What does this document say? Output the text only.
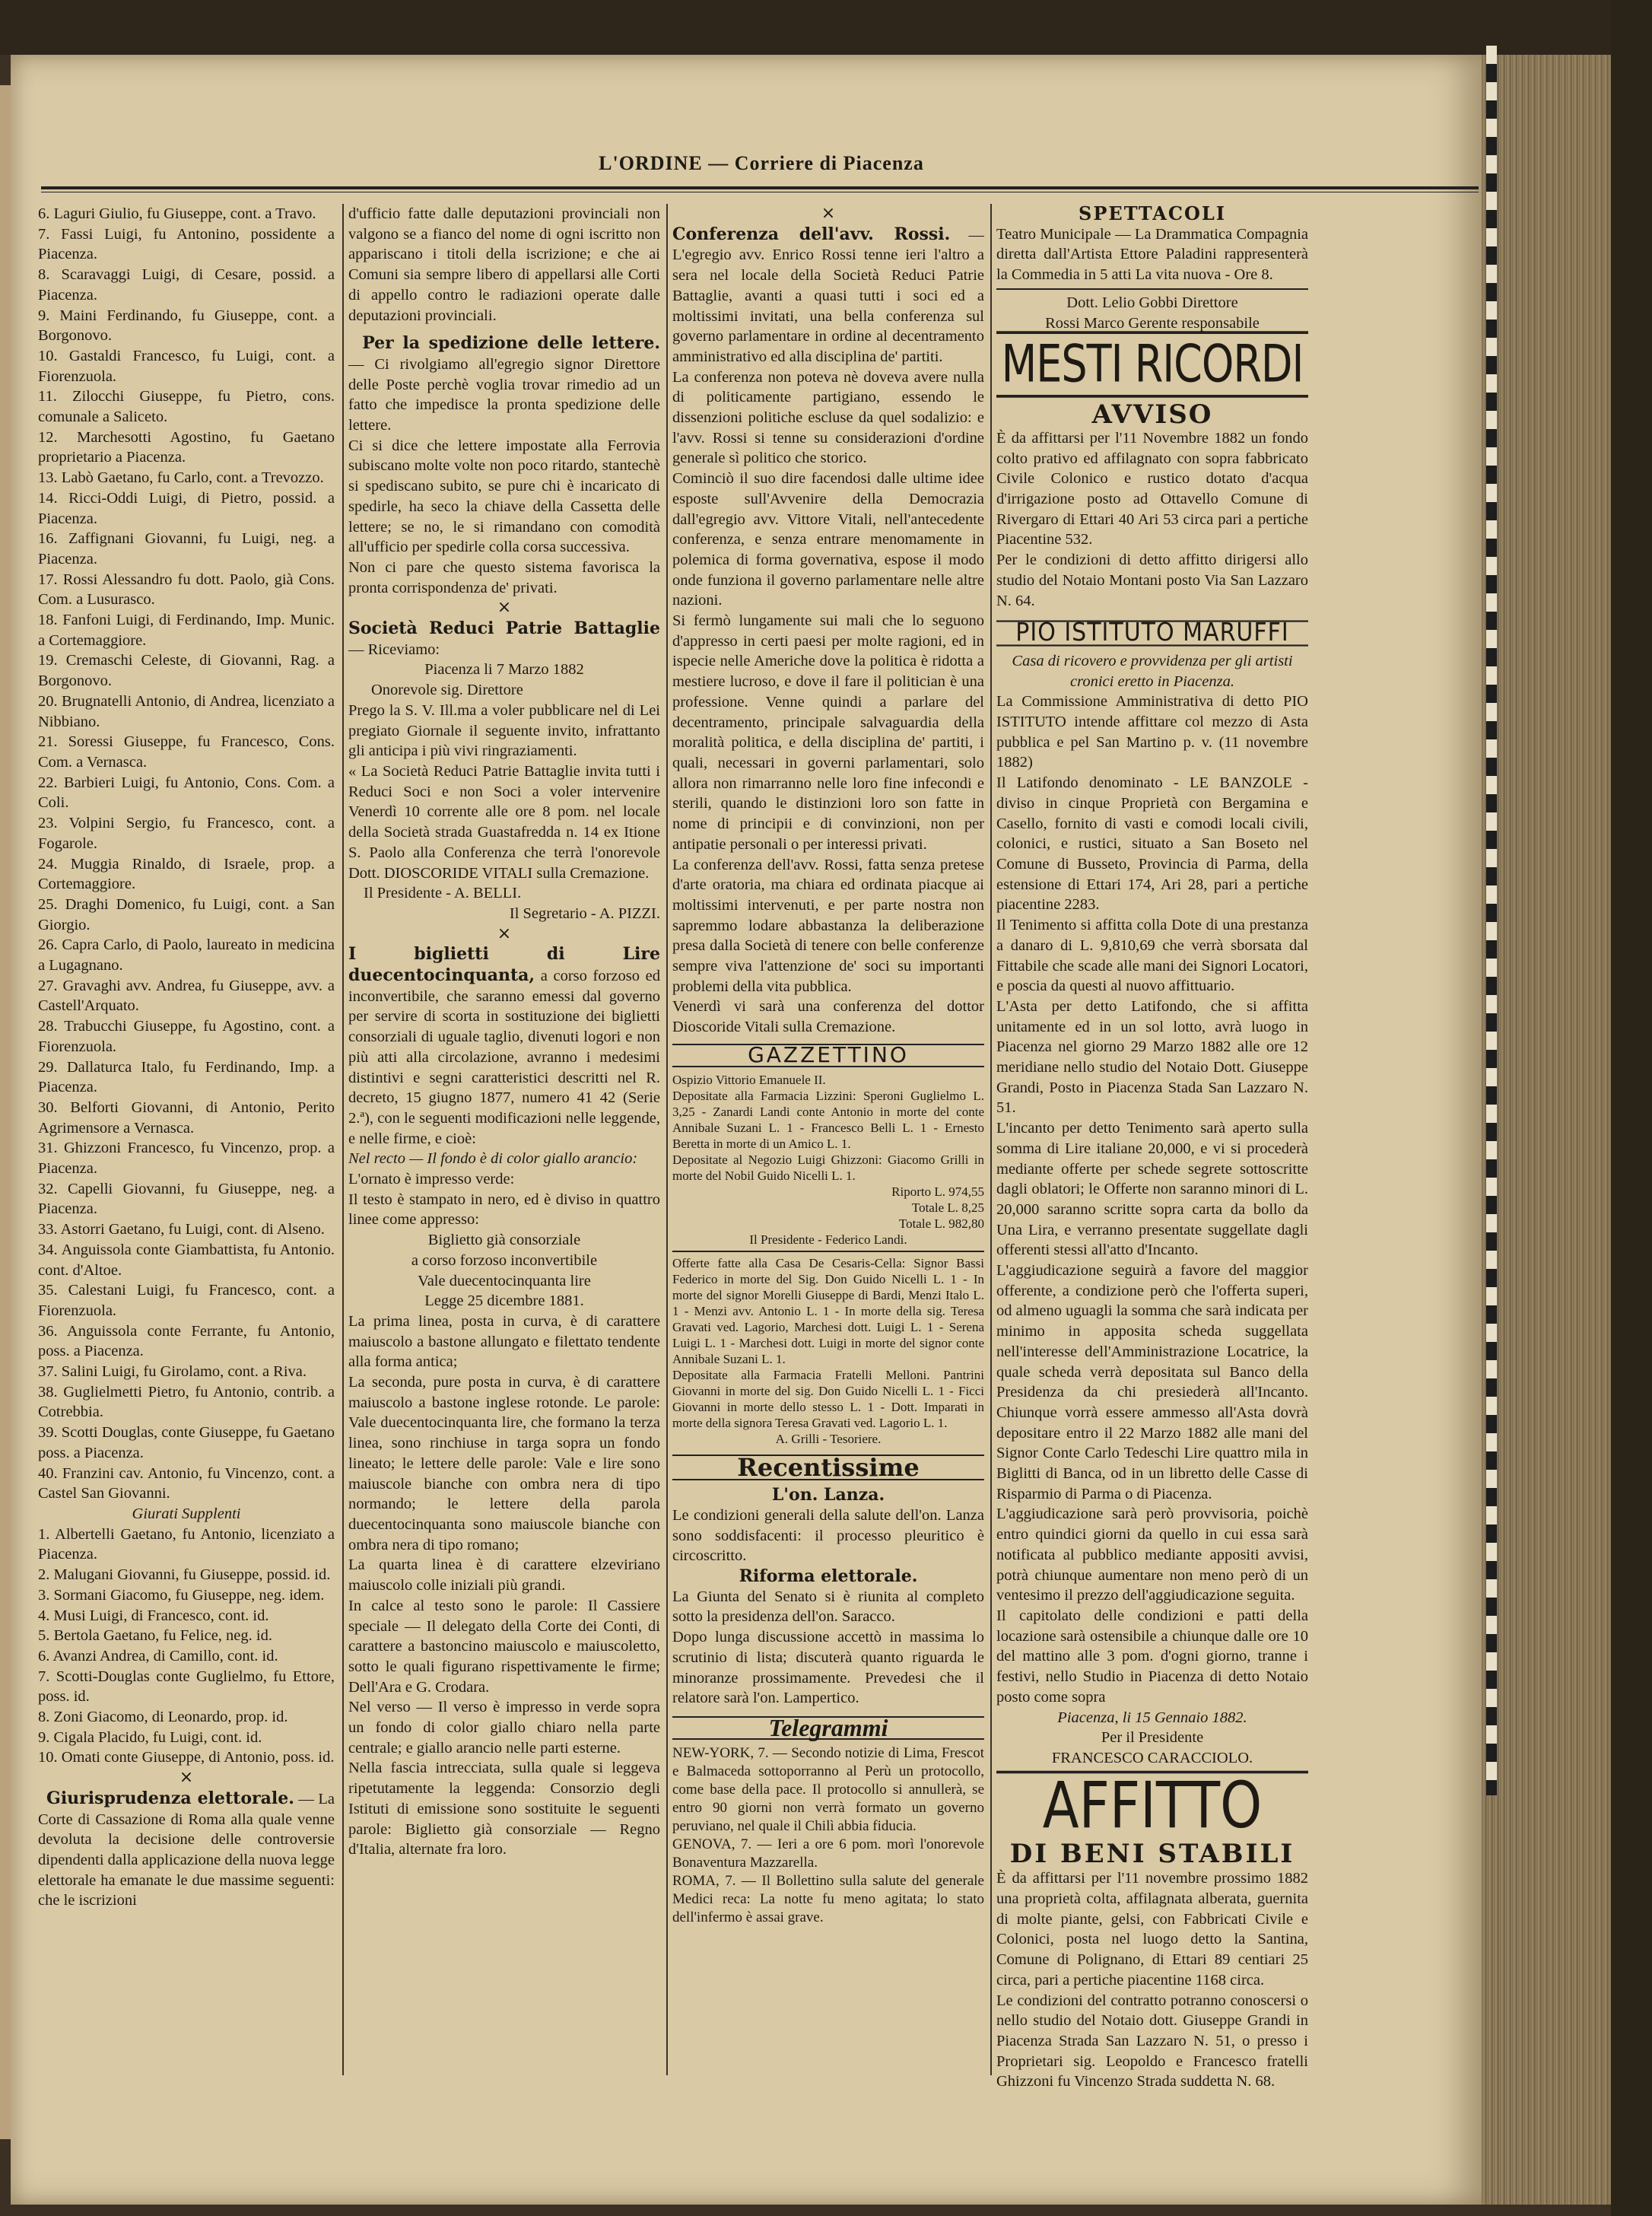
L'ORDINE — Corriere di Piacenza

6. Laguri Giulio, fu Giuseppe, cont. a Travo.

7. Fassi Luigi, fu Antonino, possidente a Piacenza.

8. Scaravaggi Luigi, di Cesare, possid. a Piacenza.

9. Maini Ferdinando, fu Giuseppe, cont. a Borgonovo.

10. Gastaldi Francesco, fu Luigi, cont. a Fiorenzuola.

11. Zilocchi Giuseppe, fu Pietro, cons. comunale a Saliceto.

12. Marchesotti Agostino, fu Gaetano proprietario a Piacenza.

13. Labò Gaetano, fu Carlo, cont. a Trevozzo.

14. Ricci-Oddi Luigi, di Pietro, possid. a Piacenza.

16. Zaffignani Giovanni, fu Luigi, neg. a Piacenza.

17. Rossi Alessandro fu dott. Paolo, già Cons. Com. a Lusurasco.

18. Fanfoni Luigi, di Ferdinando, Imp. Munic. a Cortemaggiore.

19. Cremaschi Celeste, di Giovanni, Rag. a Borgonovo.

20. Brugnatelli Antonio, di Andrea, licenziato a Nibbiano.

21. Soressi Giuseppe, fu Francesco, Cons. Com. a Vernasca.

22. Barbieri Luigi, fu Antonio, Cons. Com. a Coli.

23. Volpini Sergio, fu Francesco, cont. a Fogarole.

24. Muggia Rinaldo, di Israele, prop. a Cortemaggiore.

25. Draghi Domenico, fu Luigi, cont. a San Giorgio.

26. Capra Carlo, di Paolo, laureato in medicina a Lugagnano.

27. Gravaghi avv. Andrea, fu Giuseppe, avv. a Castell'Arquato.

28. Trabucchi Giuseppe, fu Agostino, cont. a Fiorenzuola.

29. Dallaturca Italo, fu Ferdinando, Imp. a Piacenza.

30. Belforti Giovanni, di Antonio, Perito Agrimensore a Vernasca.

31. Ghizzoni Francesco, fu Vincenzo, prop. a Piacenza.

32. Capelli Giovanni, fu Giuseppe, neg. a Piacenza.

33. Astorri Gaetano, fu Luigi, cont. di Alseno.

34. Anguissola conte Giambattista, fu Antonio. cont. d'Altoe.

35. Calestani Luigi, fu Francesco, cont. a Fiorenzuola.

36. Anguissola conte Ferrante, fu Antonio, poss. a Piacenza.

37. Salini Luigi, fu Girolamo, cont. a Riva.

38. Guglielmetti Pietro, fu Antonio, contrib. a Cotrebbia.

39. Scotti Douglas, conte Giuseppe, fu Gaetano poss. a Piacenza.

40. Franzini cav. Antonio, fu Vincenzo, cont. a Castel San Giovanni.

Giurati Supplenti

1. Albertelli Gaetano, fu Antonio, licenziato a Piacenza.

2. Malugani Giovanni, fu Giuseppe, possid. id.

3. Sormani Giacomo, fu Giuseppe, neg. idem.

4. Musi Luigi, di Francesco, cont. id.

5. Bertola Gaetano, fu Felice, neg. id.

6. Avanzi Andrea, di Camillo, cont. id.

7. Scotti-Douglas conte Guglielmo, fu Ettore, poss. id.

8. Zoni Giacomo, di Leonardo, prop. id.

9. Cigala Placido, fu Luigi, cont. id.

10. Omati conte Giuseppe, di Antonio, poss. id.

×

Giurisprudenza elettorale. — La Corte di Cassazione di Roma alla quale venne devoluta la decisione delle controversie dipendenti dalla applicazione della nuova legge elettorale ha emanate le due massime seguenti: che le iscrizioni

d'ufficio fatte dalle deputazioni provinciali non valgono se a fianco del nome di ogni iscritto non appariscano i titoli della iscrizione; e che ai Comuni sia sempre libero di appellarsi alle Corti di appello contro le radiazioni operate dalle deputazioni provinciali.

Per la spedizione delle lettere. — Ci rivolgiamo all'egregio signor Direttore delle Poste perchè voglia trovar rimedio ad un fatto che impedisce la pronta spedizione delle lettere.

Ci si dice che lettere impostate alla Ferrovia subiscano molte volte non poco ritardo, stantechè si spediscano subito, se pure chi è incaricato di spedirle, ha seco la chiave della Cassetta delle lettere; se no, le si rimandano con comodità all'ufficio per spedirle colla corsa successiva.

Non ci pare che questo sistema favorisca la pronta corrispondenza de' privati.

×

Società Reduci Patrie Battaglie — Riceviamo:

Piacenza li 7 Marzo 1882

Onorevole sig. Direttore

Prego la S. V. Ill.ma a voler pubblicare nel di Lei pregiato Giornale il seguente invito, infrattanto gli anticipa i più vivi ringraziamenti.

« La Società Reduci Patrie Battaglie invita tutti i Reduci Soci e non Soci a voler intervenire Venerdì 10 corrente alle ore 8 pom. nel locale della Società strada Guastafredda n. 14 ex Itione S. Paolo alla Conferenza che terrà l'onorevole Dott. DIOSCORIDE VITALI sulla Cremazione.

Il Presidente - A. BELLI.

Il Segretario - A. PIZZI.

×

I biglietti di Lire duecentocinquanta, a corso forzoso ed inconvertibile, che saranno emessi dal governo per servire di scorta in sostituzione dei biglietti consorziali di uguale taglio, divenuti logori e non più atti alla circolazione, avranno i medesimi distintivi e segni caratteristici descritti nel R. decreto, 15 giugno 1877, numero 41 42 (Serie 2.ª), con le seguenti modificazioni nelle leggende, e nelle firme, e cioè:

Nel recto — Il fondo è di color giallo arancio:

L'ornato è impresso verde:

Il testo è stampato in nero, ed è diviso in quattro linee come appresso:

Biglietto già consorziale

a corso forzoso inconvertibile

Vale duecentocinquanta lire

Legge 25 dicembre 1881.

La prima linea, posta in curva, è di carattere maiuscolo a bastone allungato e filettato tendente alla forma antica;

La seconda, pure posta in curva, è di carattere maiuscolo a bastone inglese rotonde. Le parole: Vale duecentocinquanta lire, che formano la terza linea, sono rinchiuse in targa sopra un fondo lineato; le lettere delle parole: Vale e lire sono maiuscole bianche con ombra nera di tipo normando; le lettere della parola duecentocinquanta sono maiuscole bianche con ombra nera di tipo romano;

La quarta linea è di carattere elzeviriano maiuscolo colle iniziali più grandi.

In calce al testo sono le parole: Il Cassiere speciale — Il delegato della Corte dei Conti, di carattere a bastoncino maiuscolo e maiuscoletto, sotto le quali figurano rispettivamente le firme; Dell'Ara e G. Crodara.

Nel verso — Il verso è impresso in verde sopra un fondo di color giallo chiaro nella parte centrale; e giallo arancio nelle parti esterne.

Nella fascia intrecciata, sulla quale si leggeva ripetutamente la leggenda: Consorzio degli Istituti di emissione sono sostituite le seguenti parole: Biglietto già consorziale — Regno d'Italia, alternate fra loro.

×

Conferenza dell'avv. Rossi. — L'egregio avv. Enrico Rossi tenne ieri l'altro a sera nel locale della Società Reduci Patrie Battaglie, avanti a quasi tutti i soci ed a moltissimi invitati, una bella conferenza sul governo parlamentare in ordine al decentramento amministrativo ed alla disciplina de' partiti.

La conferenza non poteva nè doveva avere nulla di politicamente partigiano, essendo le dissenzioni politiche escluse da quel sodalizio: e l'avv. Rossi si tenne su considerazioni d'ordine generale sì politico che storico.

Cominciò il suo dire facendosi dalle ultime idee esposte sull'Avvenire della Democrazia dall'egregio avv. Vittore Vitali, nell'antecedente conferenza, e senza entrare menomamente in polemica di forma governativa, espose il modo onde funziona il governo parlamentare nelle altre nazioni.

Si fermò lungamente sui mali che lo seguono d'appresso in certi paesi per molte ragioni, ed in ispecie nelle Americhe dove la politica è ridotta a mestiere lucroso, e dove il fare il politician è una professione. Venne quindi a parlare del decentramento, principale salvaguardia della moralità politica, e della disciplina de' partiti, i quali, necessari in governi parlamentari, solo allora non rimarranno nelle loro fine infecondi e sterili, quando le distinzioni loro son fatte in nome di principii e di convinzioni, non per antipatie personali o per interessi privati.

La conferenza dell'avv. Rossi, fatta senza pretese d'arte oratoria, ma chiara ed ordinata piacque ai moltissimi intervenuti, e per parte nostra non sapremmo lodare abbastanza la deliberazione presa dalla Società di tenere con belle conferenze sempre viva l'attenzione de' soci su importanti problemi della vita pubblica.

Venerdì vi sarà una conferenza del dottor Dioscoride Vitali sulla Cremazione.

GAZZETTINO

Ospizio Vittorio Emanuele II.

Depositate alla Farmacia Lizzini: Speroni Guglielmo L. 3,25 - Zanardi Landi conte Antonio in morte del conte Annibale Suzani L. 1 - Francesco Belli L. 1 - Ernesto Beretta in morte di un Amico L. 1.

Depositate al Negozio Luigi Ghizzoni: Giacomo Grilli in morte del Nobil Guido Nicelli L. 1.

Riporto L. 974,55

Totale L. 8,25

Totale L. 982,80

Il Presidente - Federico Landi.

Offerte fatte alla Casa De Cesaris-Cella: Signor Bassi Federico in morte del Sig. Don Guido Nicelli L. 1 - In morte del signor Morelli Giuseppe di Bardi, Menzi Italo L. 1 - Menzi avv. Antonio L. 1 - In morte della sig. Teresa Gravati ved. Lagorio, Marchesi dott. Luigi L. 1 - Serena Luigi L. 1 - Marchesi dott. Luigi in morte del signor conte Annibale Suzani L. 1.

Depositate alla Farmacia Fratelli Melloni. Pantrini Giovanni in morte del sig. Don Guido Nicelli L. 1 - Ficci Giovanni in morte dello stesso L. 1 - Dott. Imparati in morte della signora Teresa Gravati ved. Lagorio L. 1.

A. Grilli - Tesoriere.

Recentissime

L'on. Lanza.

Le condizioni generali della salute dell'on. Lanza sono soddisfacenti: il processo pleuritico è circoscritto.

Riforma elettorale.

La Giunta del Senato si è riunita al completo sotto la presidenza dell'on. Saracco.

Dopo lunga discussione accettò in massima lo scrutinio di lista; discuterà quanto riguarda le minoranze prossimamente. Prevedesi che il relatore sarà l'on. Lampertico.

Telegrammi

NEW-YORK, 7. — Secondo notizie di Lima, Frescot e Balmaceda sottoporranno al Perù un protocollo, come base della pace. Il protocollo si annullerà, se entro 90 giorni non verrà formato un governo peruviano, nel quale il Chilì abbia fiducia.

GENOVA, 7. — Ieri a ore 6 pom. morì l'onorevole Bonaventura Mazzarella.

ROMA, 7. — Il Bollettino sulla salute del generale Medici reca: La notte fu meno agitata; lo stato dell'infermo è assai grave.

SPETTACOLI

Teatro Municipale — La Drammatica Compagnia diretta dall'Artista Ettore Paladini rappresenterà la Commedia in 5 atti La vita nuova - Ore 8.

Dott. Lelio Gobbi Direttore

Rossi Marco Gerente responsabile

MESTI RICORDI
AVVISO

È da affittarsi per l'11 Novembre 1882 un fondo colto prativo ed affilagnato con sopra fabbricato Civile Colonico e rustico dotato d'acqua d'irrigazione posto ad Ottavello Comune di Rivergaro di Ettari 40 Ari 53 circa pari a pertiche Piacentine 532.

Per le condizioni di detto affitto dirigersi allo studio del Notaio Montani posto Via San Lazzaro N. 64.

PIO ISTITUTO MARUFFI

Casa di ricovero e provvidenza per gli artisti cronici eretto in Piacenza.

La Commissione Amministrativa di detto PIO ISTITUTO intende affittare col mezzo di Asta pubblica e pel San Martino p. v. (11 novembre 1882)

Il Latifondo denominato - LE BANZOLE - diviso in cinque Proprietà con Bergamina e Casello, fornito di vasti e comodi locali civili, colonici, e rustici, situato a San Boseto nel Comune di Busseto, Provincia di Parma, della estensione di Ettari 174, Ari 28, pari a pertiche piacentine 2283.

Il Tenimento si affitta colla Dote di una prestanza a danaro di L. 9,810,69 che verrà sborsata dal Fittabile che scade alle mani dei Signori Locatori, e poscia da questi al nuovo affittuario.

L'Asta per detto Latifondo, che si affitta unitamente ed in un sol lotto, avrà luogo in Piacenza nel giorno 29 Marzo 1882 alle ore 12 meridiane nello studio del Notaio Dott. Giuseppe Grandi, Posto in Piacenza Stada San Lazzaro N. 51.

L'incanto per detto Tenimento sarà aperto sulla somma di Lire italiane 20,000, e vi si procederà mediante offerte per schede segrete sottoscritte dagli oblatori; le Offerte non saranno minori di L. 20,000 saranno scritte sopra carta da bollo da Una Lira, e verranno presentate suggellate dagli offerenti stessi all'atto d'Incanto.

L'aggiudicazione seguirà a favore del maggior offerente, a condizione però che l'offerta superi, od almeno uguagli la somma che sarà indicata per minimo in apposita scheda suggellata nell'interesse dell'Amministrazione Locatrice, la quale scheda verrà depositata sul Banco della Presidenza da chi presiederà all'Incanto. Chiunque vorrà essere ammesso all'Asta dovrà depositare entro il 22 Marzo 1882 alle mani del Signor Conte Carlo Tedeschi Lire quattro mila in Biglitti di Banca, od in un libretto delle Casse di Risparmio di Parma o di Piacenza.

L'aggiudicazione sarà però provvisoria, poichè entro quindici giorni da quello in cui essa sarà notificata al pubblico mediante appositi avvisi, potrà chiunque aumentare non meno però di un ventesimo il prezzo dell'aggiudicazione seguita.

Il capitolato delle condizioni e patti della locazione sarà ostensibile a chiunque dalle ore 10 del mattino alle 3 pom. d'ogni giorno, tranne i festivi, nello Studio in Piacenza di detto Notaio posto come sopra

Piacenza, li 15 Gennaio 1882.

Per il Presidente

FRANCESCO CARACCIOLO.

AFFITTO
DI BENI STABILI

È da affittarsi per l'11 novembre prossimo 1882 una proprietà colta, affilagnata alberata, guernita di molte piante, gelsi, con Fabbricati Civile e Colonici, posta nel luogo detto la Santina, Comune di Polignano, di Ettari 89 centiari 25 circa, pari a pertiche piacentine 1168 circa.

Le condizioni del contratto potranno conoscersi o nello studio del Notaio dott. Giuseppe Grandi in Piacenza Strada San Lazzaro N. 51, o presso i Proprietari sig. Leopoldo e Francesco fratelli Ghizzoni fu Vincenzo Strada suddetta N. 68.
